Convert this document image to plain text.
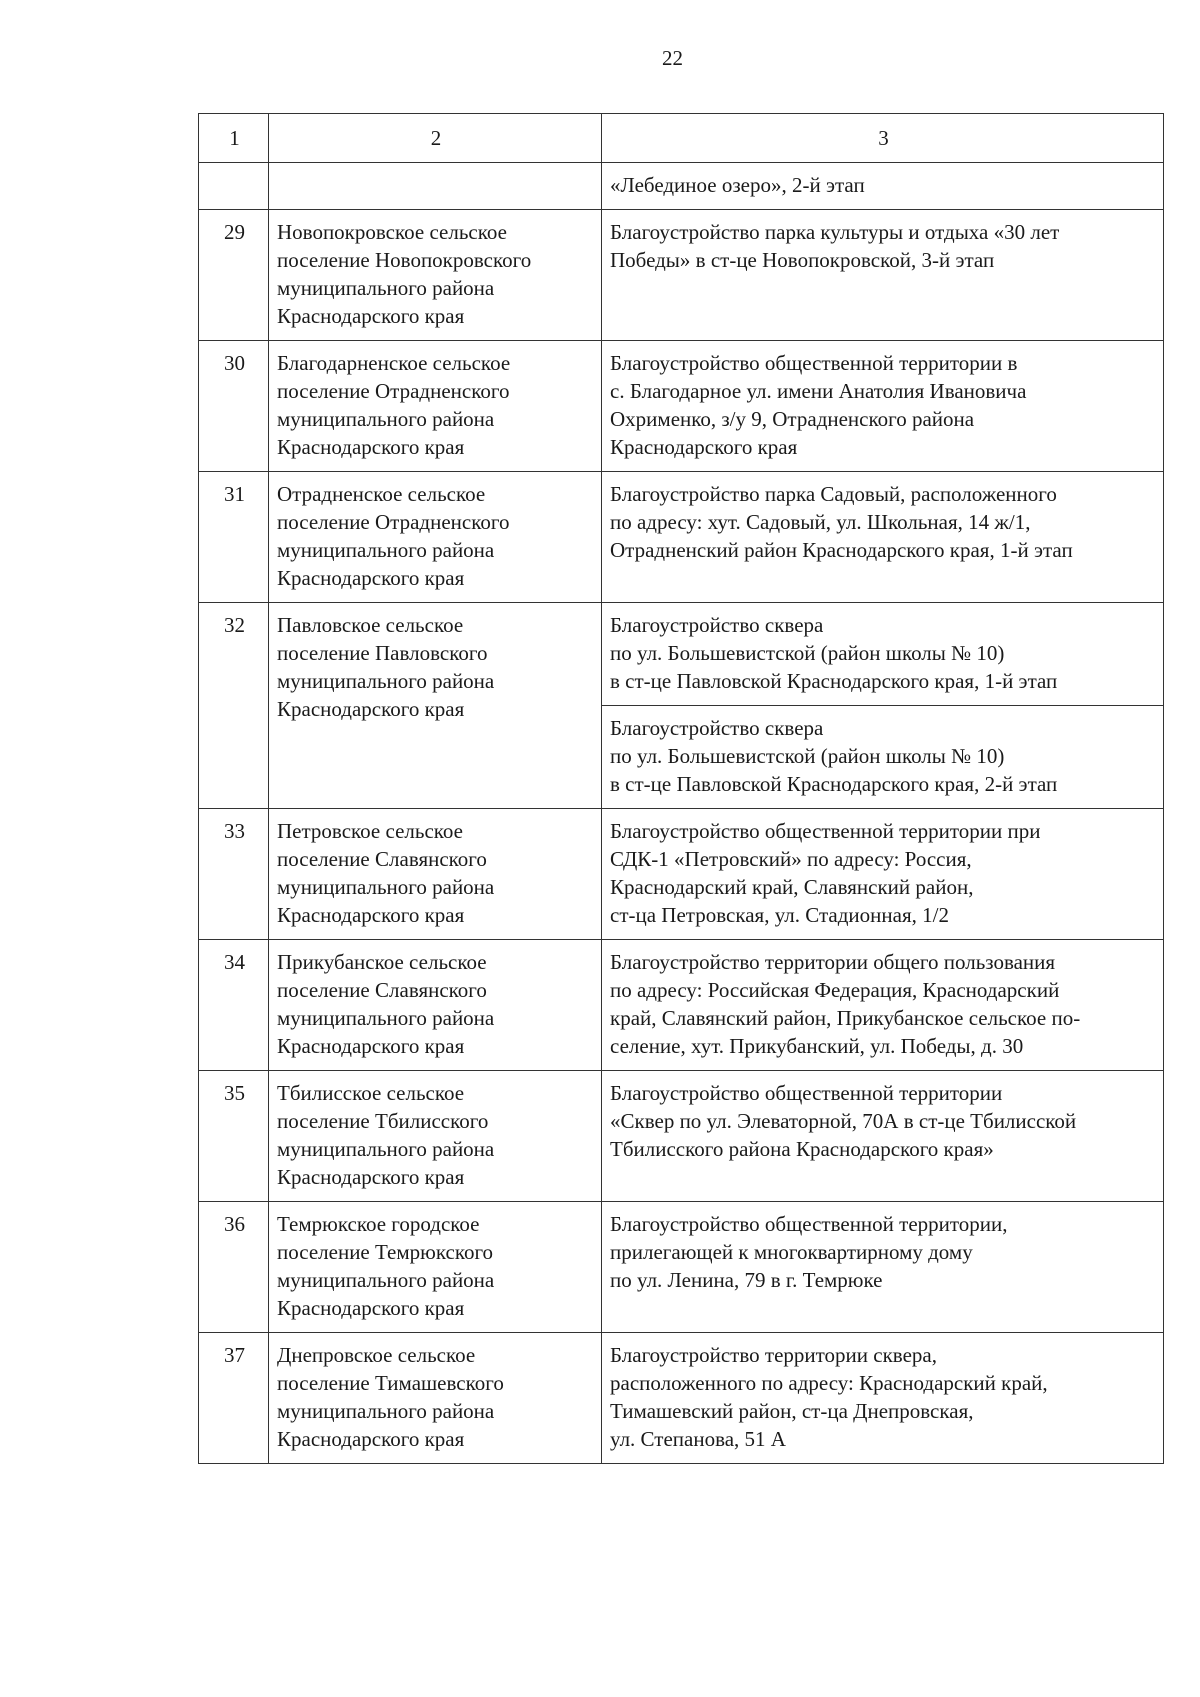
22
1	2	3

		«Лебединое озеро», 2-й этап

29	Новопокровское сельское
поселение Новопокровского
муниципального района
Краснодарского края	Благоустройство парка культуры и отдыха «30 лет
Победы» в ст-це Новопокровской, 3-й этап

30	Благодарненское сельское
поселение Отрадненского
муниципального района
Краснодарского края	Благоустройство общественной территории в
с. Благодарное ул. имени Анатолия Ивановича
Охрименко, з/у 9, Отрадненского района
Краснодарского края

31	Отрадненское сельское
поселение Отрадненского
муниципального района
Краснодарского края	Благоустройство парка Садовый, расположенного
по адресу: хут. Садовый, ул. Школьная, 14 ж/1,
Отрадненский район Краснодарского края, 1-й этап

32	Павловское сельское
поселение Павловского
муниципального района
Краснодарского края	Благоустройство сквера
по ул. Большевистской (район школы № 10)
в ст-це Павловской Краснодарского края, 1-й этап

		Благоустройство сквера
по ул. Большевистской (район школы № 10)
в ст-це Павловской Краснодарского края, 2-й этап

33	Петровское сельское
поселение Славянского
муниципального района
Краснодарского края	Благоустройство общественной территории при
СДК-1 «Петровский» по адресу: Россия,
Краснодарский край, Славянский район,
ст-ца Петровская, ул. Стадионная, 1/2

34	Прикубанское сельское
поселение Славянского
муниципального района
Краснодарского края	Благоустройство территории общего пользования
по адресу: Российская Федерация, Краснодарский
край, Славянский район, Прикубанское сельское по-
селение, хут. Прикубанский, ул. Победы, д. 30

35	Тбилисское сельское
поселение Тбилисского
муниципального района
Краснодарского края	Благоустройство общественной территории
«Сквер по ул. Элеваторной, 70А в ст-це Тбилисской
Тбилисского района Краснодарского края»

36	Темрюкское городское
поселение Темрюкского
муниципального района
Краснодарского края	Благоустройство общественной территории,
прилегающей к многоквартирному дому
по ул. Ленина, 79 в г. Темрюке

37	Днепровское сельское
поселение Тимашевского
муниципального района
Краснодарского края	Благоустройство территории сквера,
расположенного по адресу: Краснодарский край,
Тимашевский район, ст-ца Днепровская,
ул. Степанова, 51 А
